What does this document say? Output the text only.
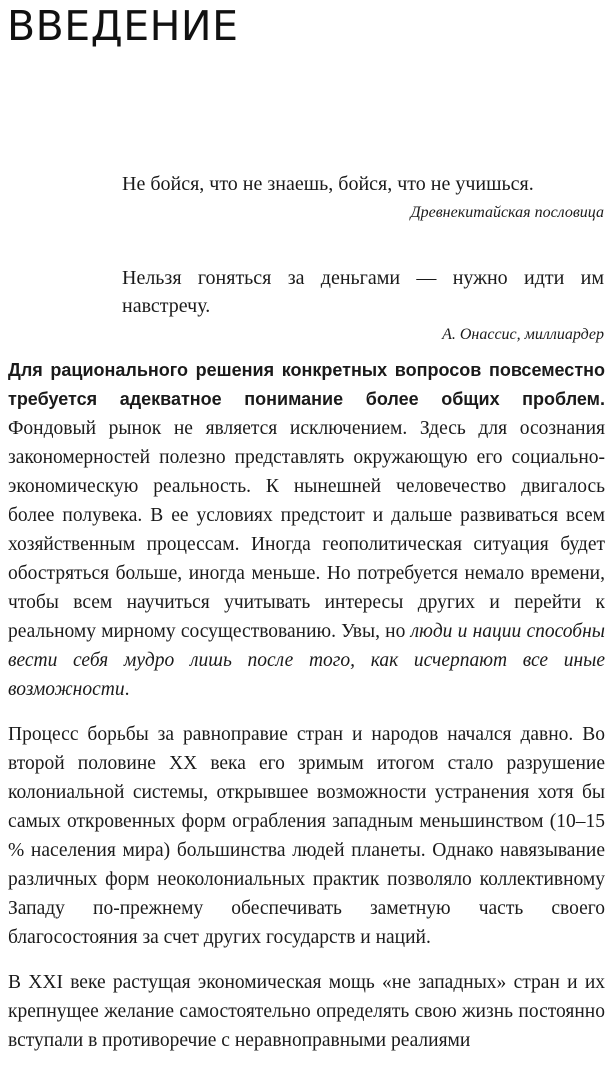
ВВЕДЕНИЕ

Не бойся, что не знаешь, бойся, что не учишься.

Древнекитайская пословица

Нельзя гоняться за деньгами — нужно идти им навстречу.

А. Онассис, миллиардер

Для рационального решения конкретных вопросов повсеместно требуется адекватное понимание более общих проблем. Фондовый рынок не является исключением. Здесь для осознания закономерностей полезно представлять окружающую его социально-экономическую реальность. К нынешней человечество двигалось более полувека. В ее условиях предстоит и дальше развиваться всем хозяйственным процессам. Иногда геополитическая ситуация будет обостряться больше, иногда меньше. Но потребуется немало времени, чтобы всем научиться учитывать интересы других и перейти к реальному мирному сосуществованию. Увы, но люди и нации способны вести себя мудро лишь после того, как исчерпают все иные возможности.

Процесс борьбы за равноправие стран и народов начался давно. Во второй половине XX века его зримым итогом стало разрушение колониальной системы, открывшее возможности устранения хотя бы самых откровенных форм ограбления западным меньшинством (10–15 % населения мира) большинства людей планеты. Однако навязывание различных форм неоколониальных практик позволяло коллективному Западу по-прежнему обеспечивать заметную часть своего благосостояния за счет других государств и наций.

В XXI веке растущая экономическая мощь «не западных» стран и их крепнущее желание самостоятельно определять свою жизнь постоянно вступали в противоречие с неравноправными реалиями
